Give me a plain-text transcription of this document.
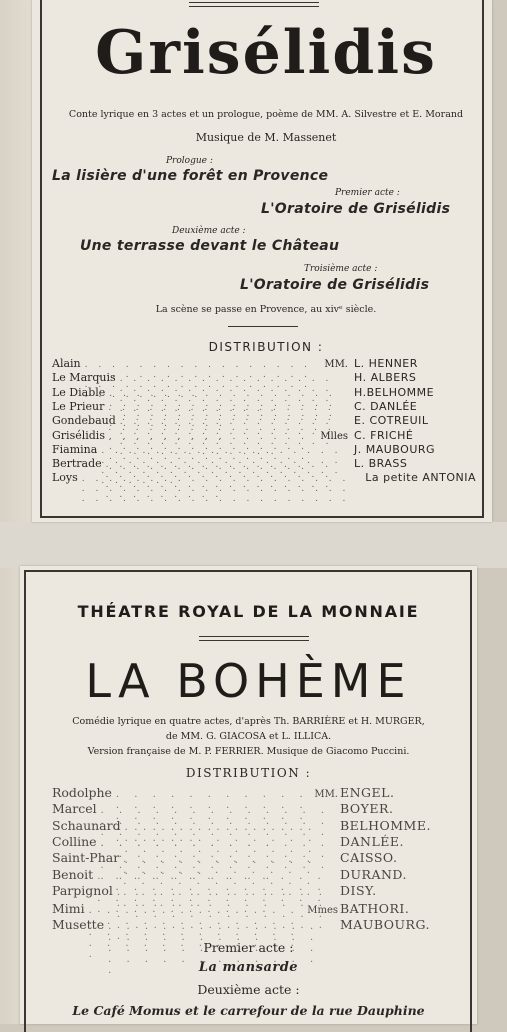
Grisélidis
Conte lyrique en 3 actes et un prologue, poème de MM. A. Silvestre et E. Morand
Musique de M. Massenet
Prologue :
La lisière d'une forêt en Provence
Premier acte :
L'Oratoire de Grisélidis
Deuxième acte :
Une terrasse devant le Château
Troisième acte :
L'Oratoire de Grisélidis
La scène se passe en Provence, au xivᵉ siècle.
DISTRIBUTION :
Alain . . .	MM. L. HENNER
Le Marquis . . .	H. ALBERS
Le Diable . . .	H.BELHOMME
Le Prieur . . .	C. DANLÉE
Gondebaud . . .	E. COTREUIL
Grisélidis . . .	Mlles C. FRICHÉ
Fiamina . . .	J. MAUBOURG
Bertrade . . .	L. BRASS
Loys . . .	La petite ANTONIA
THÉATRE ROYAL DE LA MONNAIE
LA BOHÈME
Comédie lyrique en quatre actes, d'après Th. BARRIÈRE et H. MURGER,
de MM. G. GIACOSA et L. ILLICA.
Version française de M. P. FERRIER. Musique de Giacomo Puccini.
DISTRIBUTION :
Rodolphe . . .	MM. ENGEL.
Marcel . . .	BOYER.
Schaunard . . .	BELHOMME.
Colline . . .	DANLÉE.
Saint-Phar . . .	CAISSO.
Benoit . . .	DURAND.
Parpignol . . .	DISY.
Mimi . . .	Mmes BATHORI.
Musette . . .	MAUBOURG.
Premier acte :
La mansarde
Deuxième acte :
Le Café Momus et le carrefour de la rue Dauphine
